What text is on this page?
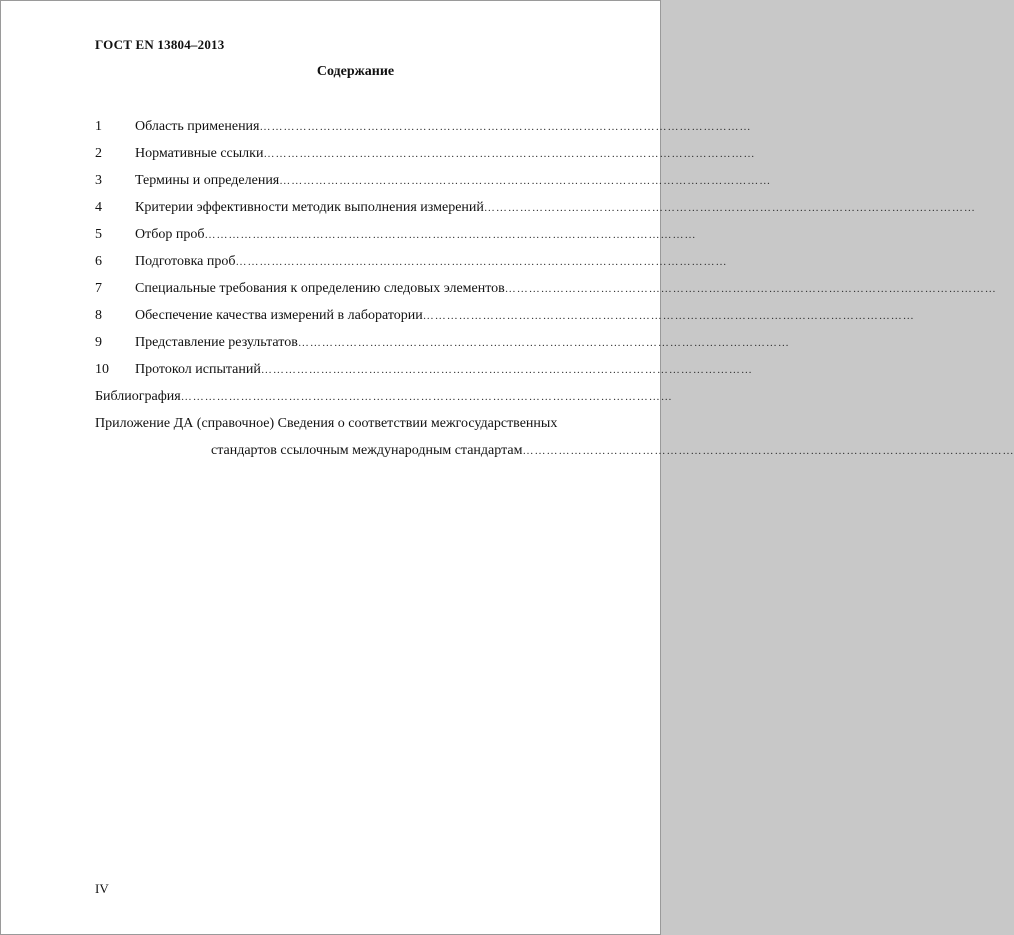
ГОСТ EN 13804–2013
Содержание
1 Область применения ……………………………………………………………………………………………………………
2 Нормативные ссылки ……………………………………………………………………………………………………………
3 Термины и определения ……………………………………………………………………………………………………………
4 Критерии эффективности методик выполнения измерений ……………………………………………………………………………………………………………
5 Отбор проб ……………………………………………………………………………………………………………
6 Подготовка проб ……………………………………………………………………………………………………………
7 Специальные требования к определению следовых элементов ……………………………………………………………………………………………………………
8 Обеспечение качества измерений в лаборатории ……………………………………………………………………………………………………………
9 Представление результатов ……………………………………………………………………………………………………………
10 Протокол испытаний ……………………………………………………………………………………………………………
Библиография ……………………………………………………………………………………………………………
Приложение ДА (справочное) Сведения о соответствии межгосударственных
стандартов ссылочным международным стандартам ……………………………………………………………………………………………………………
IV
